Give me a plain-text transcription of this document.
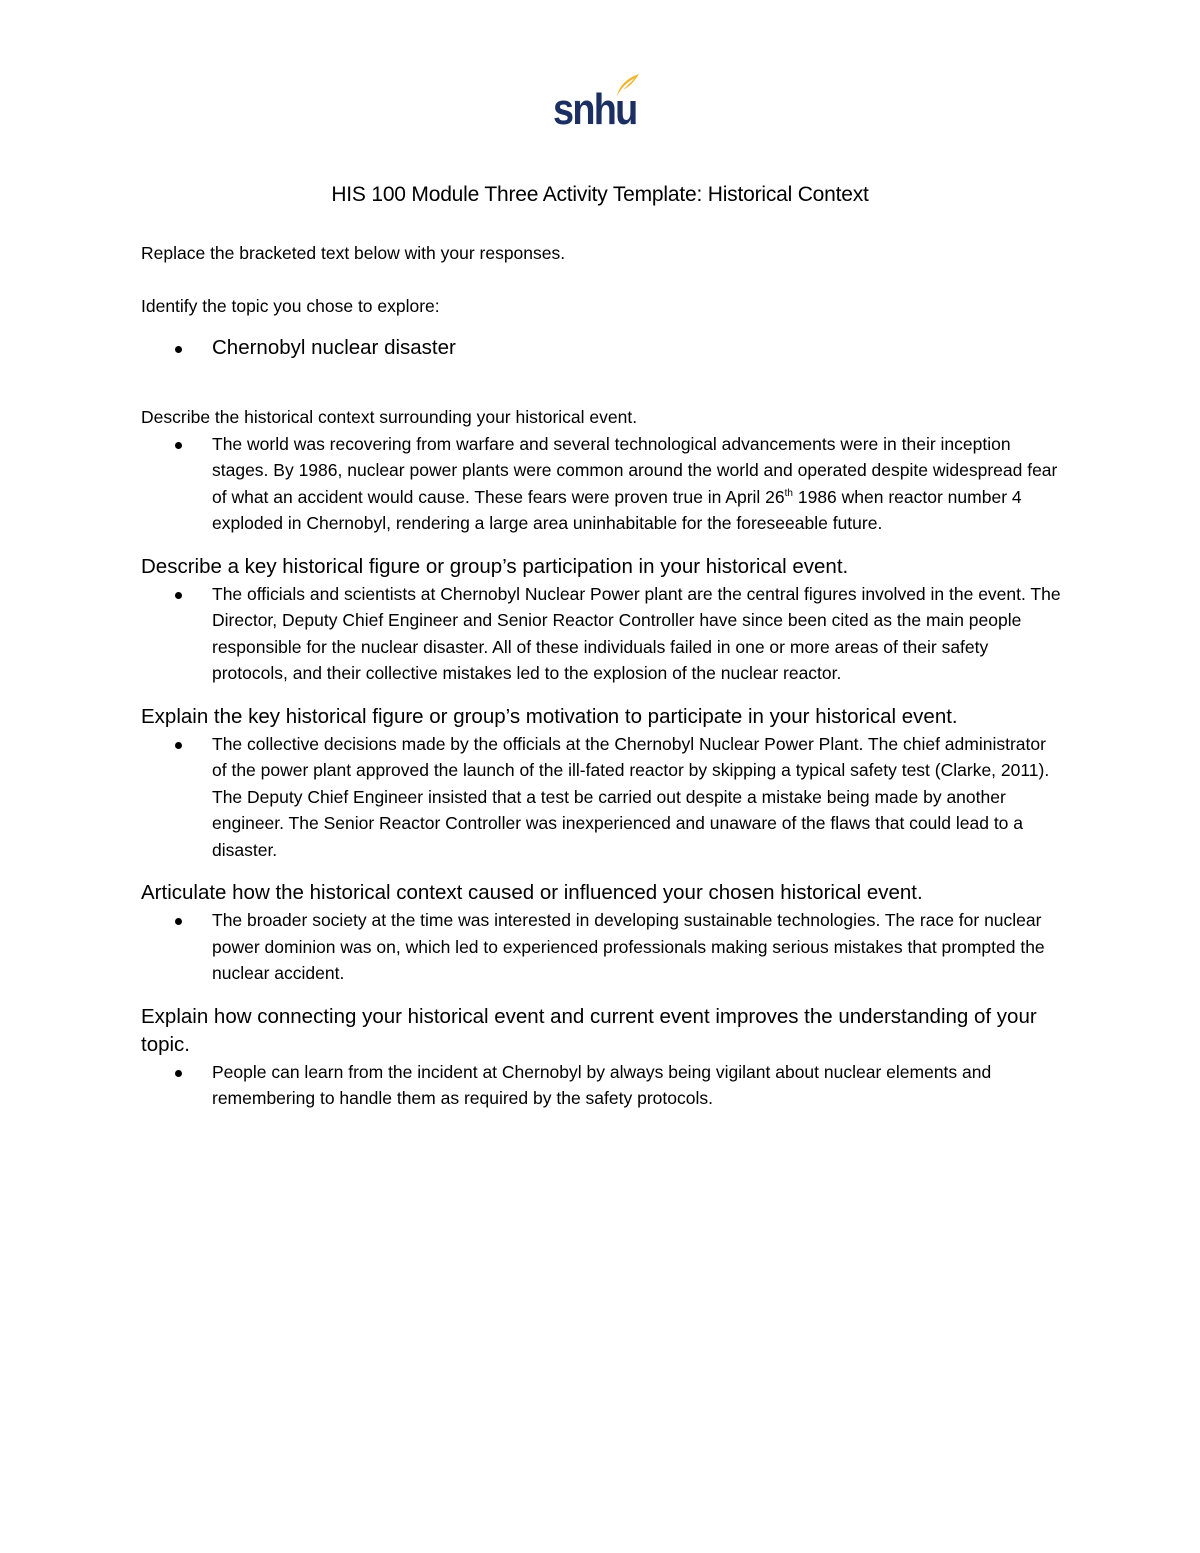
snhu
HIS 100 Module Three Activity Template: Historical Context

Replace the bracketed text below with your responses.

Identify the topic you chose to explore:

Chernobyl nuclear disaster

Describe the historical context surrounding your historical event.

The world was recovering from warfare and several technological advancements were in their inception stages. By 1986, nuclear power plants were common around the world and operated despite widespread fear of what an accident would cause. These fears were proven true in April 26th 1986 when reactor number 4 exploded in Chernobyl, rendering a large area uninhabitable for the foreseeable future.

Describe a key historical figure or group’s participation in your historical event.

The officials and scientists at Chernobyl Nuclear Power plant are the central figures involved in the event. The Director, Deputy Chief Engineer and Senior Reactor Controller have since been cited as the main people responsible for the nuclear disaster. All of these individuals failed in one or more areas of their safety protocols, and their collective mistakes led to the explosion of the nuclear reactor.

Explain the key historical figure or group’s motivation to participate in your historical event.

The collective decisions made by the officials at the Chernobyl Nuclear Power Plant. The chief administrator of the power plant approved the launch of the ill-fated reactor by skipping a typical safety test (Clarke, 2011). The Deputy Chief Engineer insisted that a test be carried out despite a mistake being made by another engineer. The Senior Reactor Controller was inexperienced and unaware of the flaws that could lead to a disaster.

Articulate how the historical context caused or influenced your chosen historical event.

The broader society at the time was interested in developing sustainable technologies. The race for nuclear power dominion was on, which led to experienced professionals making serious mistakes that prompted the nuclear accident.

Explain how connecting your historical event and current event improves the understanding of your topic.

People can learn from the incident at Chernobyl by always being vigilant about nuclear elements and remembering to handle them as required by the safety protocols.
